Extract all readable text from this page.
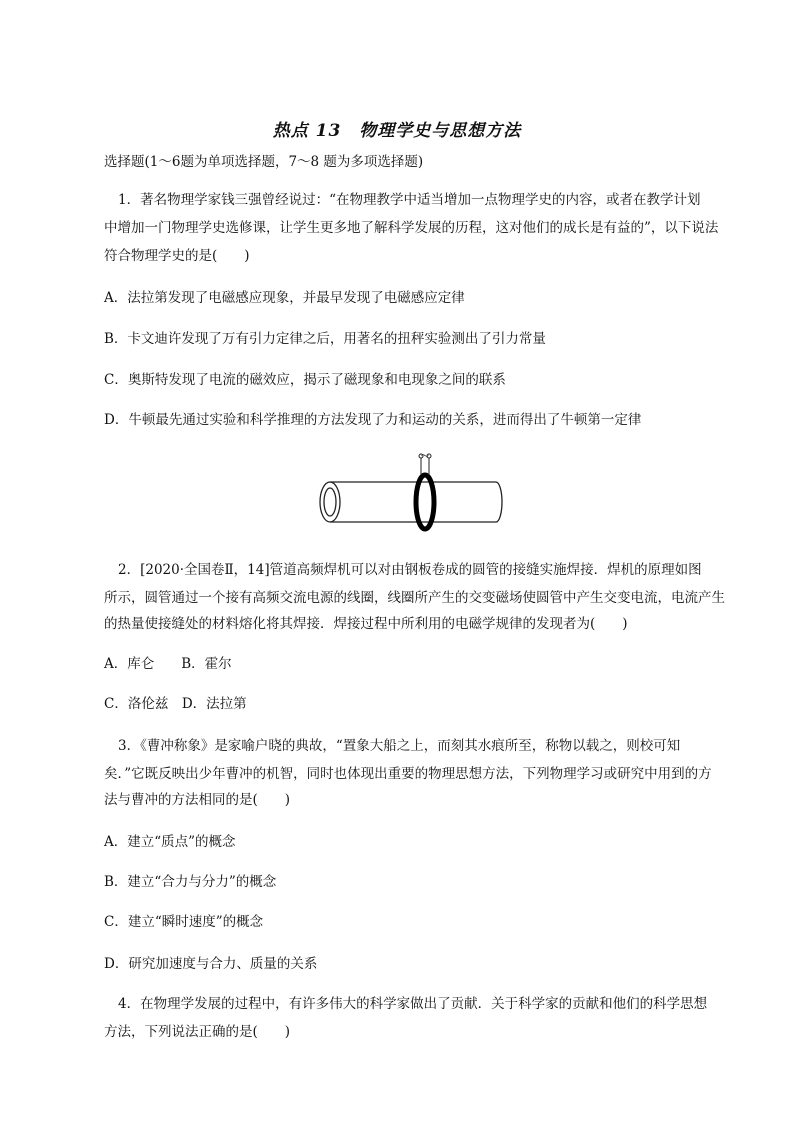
热点 13　物理学史与思想方法
选择题(1～6题为单项选择题，7～8 题为多项选择题)
1．著名物理学家钱三强曾经说过：“在物理教学中适当增加一点物理学史的内容，或者在教学计划
中增加一门物理学史选修课，让学生更多地了解科学发展的历程，这对他们的成长是有益的”，以下说法
符合物理学史的是(　　)
A．法拉第发现了电磁感应现象，并最早发现了电磁感应定律
B．卡文迪许发现了万有引力定律之后，用著名的扭秤实验测出了引力常量
C．奥斯特发现了电流的磁效应，揭示了磁现象和电现象之间的联系
D．牛顿最先通过实验和科学推理的方法发现了力和运动的关系，进而得出了牛顿第一定律
～
2．[2020·全国卷Ⅱ，14]管道高频焊机可以对由钢板卷成的圆管的接缝实施焊接．焊机的原理如图
所示，圆管通过一个接有高频交流电源的线圈，线圈所产生的交变磁场使圆管中产生交变电流，电流产生
的热量使接缝处的材料熔化将其焊接．焊接过程中所利用的电磁学规律的发现者为(　　)
A．库仑　　B．霍尔
C．洛伦兹　D．法拉第
3．《曹冲称象》是家喻户晓的典故，“置象大船之上，而刻其水痕所至，称物以载之，则校可知
矣．”它既反映出少年曹冲的机智，同时也体现出重要的物理思想方法，下列物理学习或研究中用到的方
法与曹冲的方法相同的是(　　)
A．建立“质点”的概念
B．建立“合力与分力”的概念
C．建立“瞬时速度”的概念
D．研究加速度与合力、质量的关系
4．在物理学发展的过程中，有许多伟大的科学家做出了贡献．关于科学家的贡献和他们的科学思想
方法，下列说法正确的是(　　)
